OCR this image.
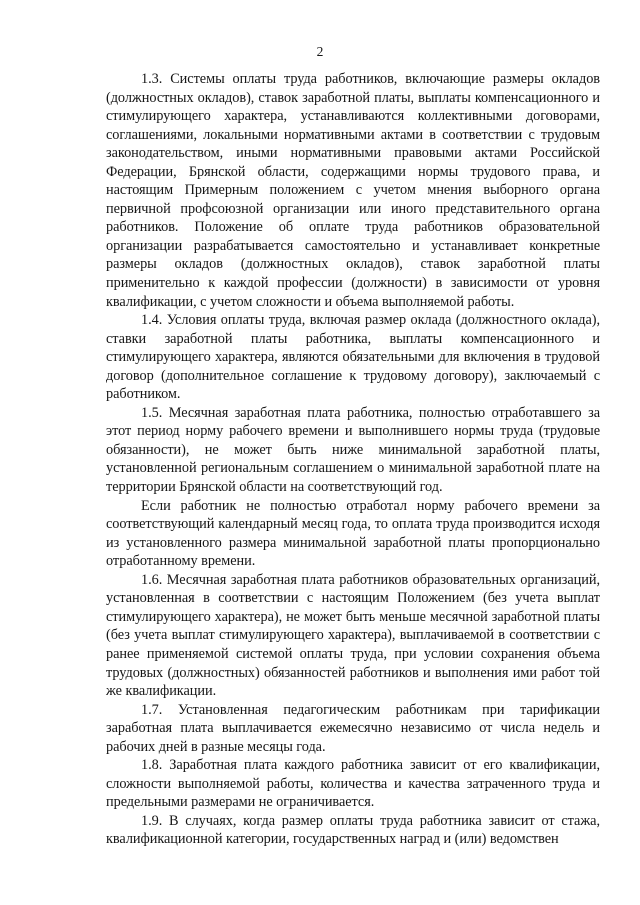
2

1.3. Системы оплаты труда работников, включающие размеры окладов (должностных окладов), ставок заработной платы, выплаты компенсационного и стимулирующего характера, устанавливаются коллективными договорами, соглашениями, локальными нормативными актами в соответствии с трудовым законодательством, иными нормативными правовыми актами Российской Федерации, Брянской области, содержащими нормы трудового права, и настоящим Примерным положением с учетом мнения выборного органа первичной профсоюзной организации или иного представительного органа работников. Положение об оплате труда работников образовательной организации разрабатывается самостоятельно и устанавливает конкретные размеры окладов (должностных окладов), ставок заработной платы применительно к каждой профессии (должности) в зависимости от уровня квалификации, с учетом сложности и объема выполняемой работы.

1.4. Условия оплаты труда, включая размер оклада (должностного оклада), ставки заработной платы работника, выплаты компенсационного и стимулирующего характера, являются обязательными для включения в трудовой договор (дополнительное соглашение к трудовому договору), заключаемый с работником.

1.5. Месячная заработная плата работника, полностью отработавшего за этот период норму рабочего времени и выполнившего нормы труда (трудовые обязанности), не может быть ниже минимальной заработной платы, установленной региональным соглашением о минимальной заработной плате на территории Брянской области на соответствующий год.

Если работник не полностью отработал норму рабочего времени за соответствующий календарный месяц года, то оплата труда производится исходя из установленного размера минимальной заработной платы пропорционально отработанному времени.

1.6. Месячная заработная плата работников образовательных организаций, установленная в соответствии с настоящим Положением (без учета выплат стимулирующего характера), не может быть меньше месячной заработной платы (без учета выплат стимулирующего характера), выплачиваемой в соответствии с ранее применяемой системой оплаты труда, при условии сохранения объема трудовых (должностных) обязанностей работников и выполнения ими работ той же квалификации.

1.7. Установленная педагогическим работникам при тарификации заработная плата выплачивается ежемесячно независимо от числа недель и рабочих дней в разные месяцы года.

1.8. Заработная плата каждого работника зависит от его квалификации, сложности выполняемой работы, количества и качества затраченного труда и предельными размерами не ограничивается.

1.9. В случаях, когда размер оплаты труда работника зависит от стажа, квалификационной категории, государственных наград и (или) ведомствен
